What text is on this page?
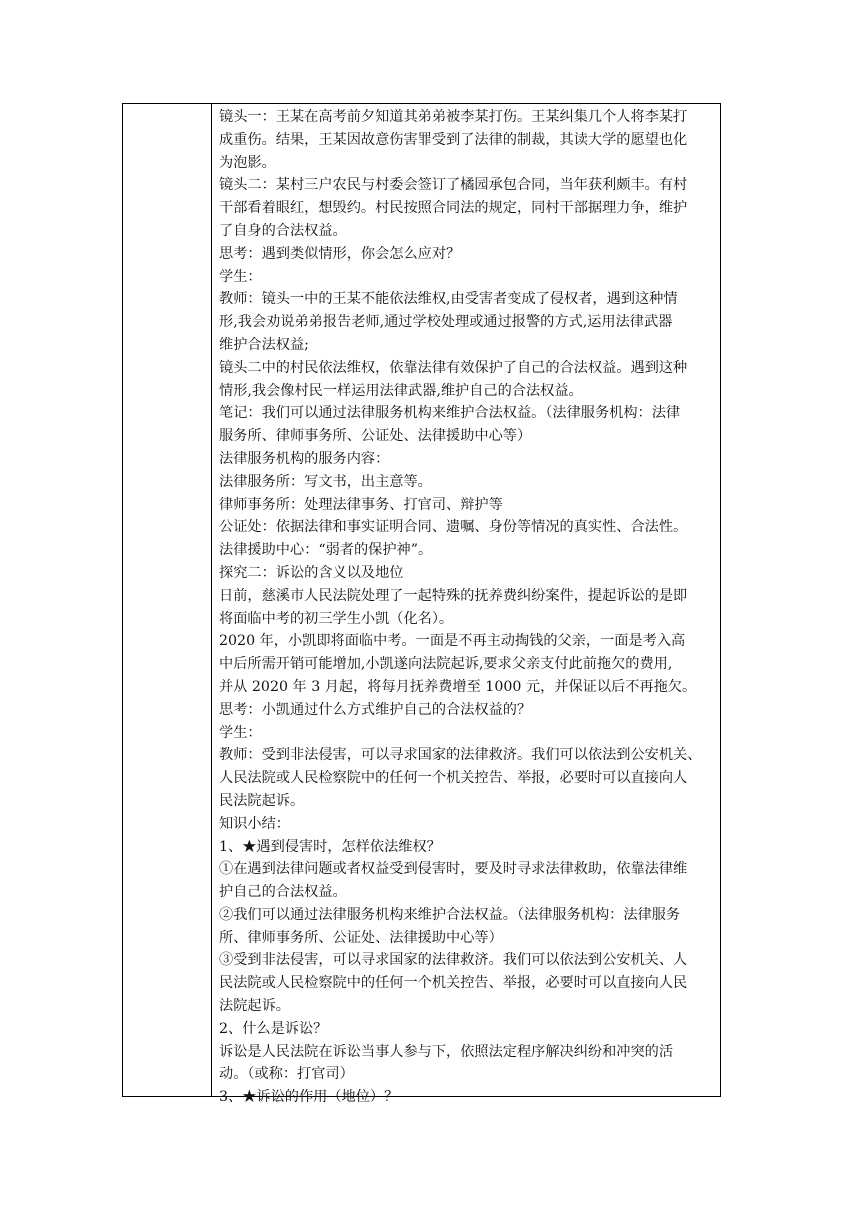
镜头一：王某在高考前夕知道其弟弟被李某打伤。王某纠集几个人将李某打
成重伤。结果，王某因故意伤害罪受到了法律的制裁，其读大学的愿望也化
为泡影。
镜头二：某村三户农民与村委会签订了橘园承包合同，当年获利颇丰。有村
干部看着眼红，想毁约。村民按照合同法的规定，同村干部据理力争，维护
了自身的合法权益。
思考：遇到类似情形，你会怎么应对？
学生：
教师：镜头一中的王某不能依法维权,由受害者变成了侵权者，遇到这种情
形,我会劝说弟弟报告老师,通过学校处理或通过报警的方式,运用法律武器
维护合法权益;
镜头二中的村民依法维权，依靠法律有效保护了自己的合法权益。遇到这种
情形,我会像村民一样运用法律武器,维护自己的合法权益。
笔记：我们可以通过法律服务机构来维护合法权益。（法律服务机构：法律
服务所、律师事务所、公证处、法律援助中心等）
法律服务机构的服务内容：
法律服务所：写文书，出主意等。
律师事务所：处理法律事务、打官司、辩护等
公证处：依据法律和事实证明合同、遗嘱、身份等情况的真实性、合法性。
法律援助中心：“弱者的保护神”。
探究二：诉讼的含义以及地位
日前，慈溪市人民法院处理了一起特殊的抚养费纠纷案件，提起诉讼的是即
将面临中考的初三学生小凯（化名）。
2020 年，小凯即将面临中考。一面是不再主动掏钱的父亲，一面是考入高
中后所需开销可能增加,小凯遂向法院起诉,要求父亲支付此前拖欠的费用,
并从 2020 年 3 月起，将每月抚养费增至 1000 元，并保证以后不再拖欠。
思考：小凯通过什么方式维护自己的合法权益的？
学生：
教师：受到非法侵害，可以寻求国家的法律救济。我们可以依法到公安机关、
人民法院或人民检察院中的任何一个机关控告、举报，必要时可以直接向人
民法院起诉。
知识小结：
1、★遇到侵害时，怎样依法维权？
①在遇到法律问题或者权益受到侵害时，要及时寻求法律救助，依靠法律维
护自己的合法权益。
②我们可以通过法律服务机构来维护合法权益。（法律服务机构：法律服务
所、律师事务所、公证处、法律援助中心等）
③受到非法侵害，可以寻求国家的法律救济。我们可以依法到公安机关、人
民法院或人民检察院中的任何一个机关控告、举报，必要时可以直接向人民
法院起诉。
2、什么是诉讼？
诉讼是人民法院在诉讼当事人参与下，依照法定程序解决纠纷和冲突的活
动。（或称：打官司）
3、★诉讼的作用（地位）？
